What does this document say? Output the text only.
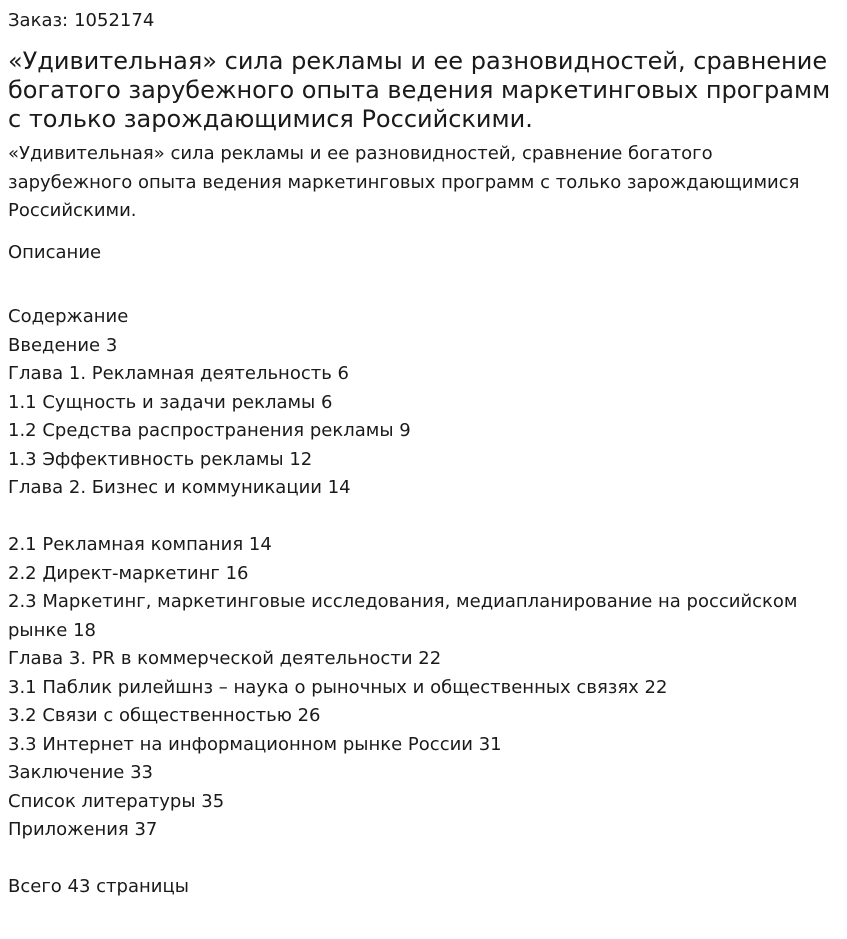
Заказ: 1052174
«Удивительная» сила рекламы и ее разновидностей, сравнение богатого зарубежного опыта ведения маркетинговых программ с только зарождающимися Российскими.
«Удивительная» сила рекламы и ее разновидностей, сравнение богатого зарубежного опыта ведения маркетинговых программ с только зарождающимися Российскими.
Описание
Содержание
Введение 3
Глава 1. Рекламная деятельность 6
1.1 Сущность и задачи рекламы 6
1.2 Средства распространения рекламы 9
1.3 Эффективность рекламы 12
Глава 2. Бизнес и коммуникации 14
2.1 Рекламная компания 14
2.2 Директ-маркетинг 16
2.3 Маркетинг, маркетинговые исследования, медиапланирование на российском рынке 18
Глава 3. PR в коммерческой деятельности 22
3.1 Паблик рилейшнз – наука о рыночных и общественных связях 22
3.2 Связи с общественностью 26
3.3 Интернет на информационном рынке России 31
Заключение 33
Список литературы 35
Приложения 37
Всего 43 страницы
